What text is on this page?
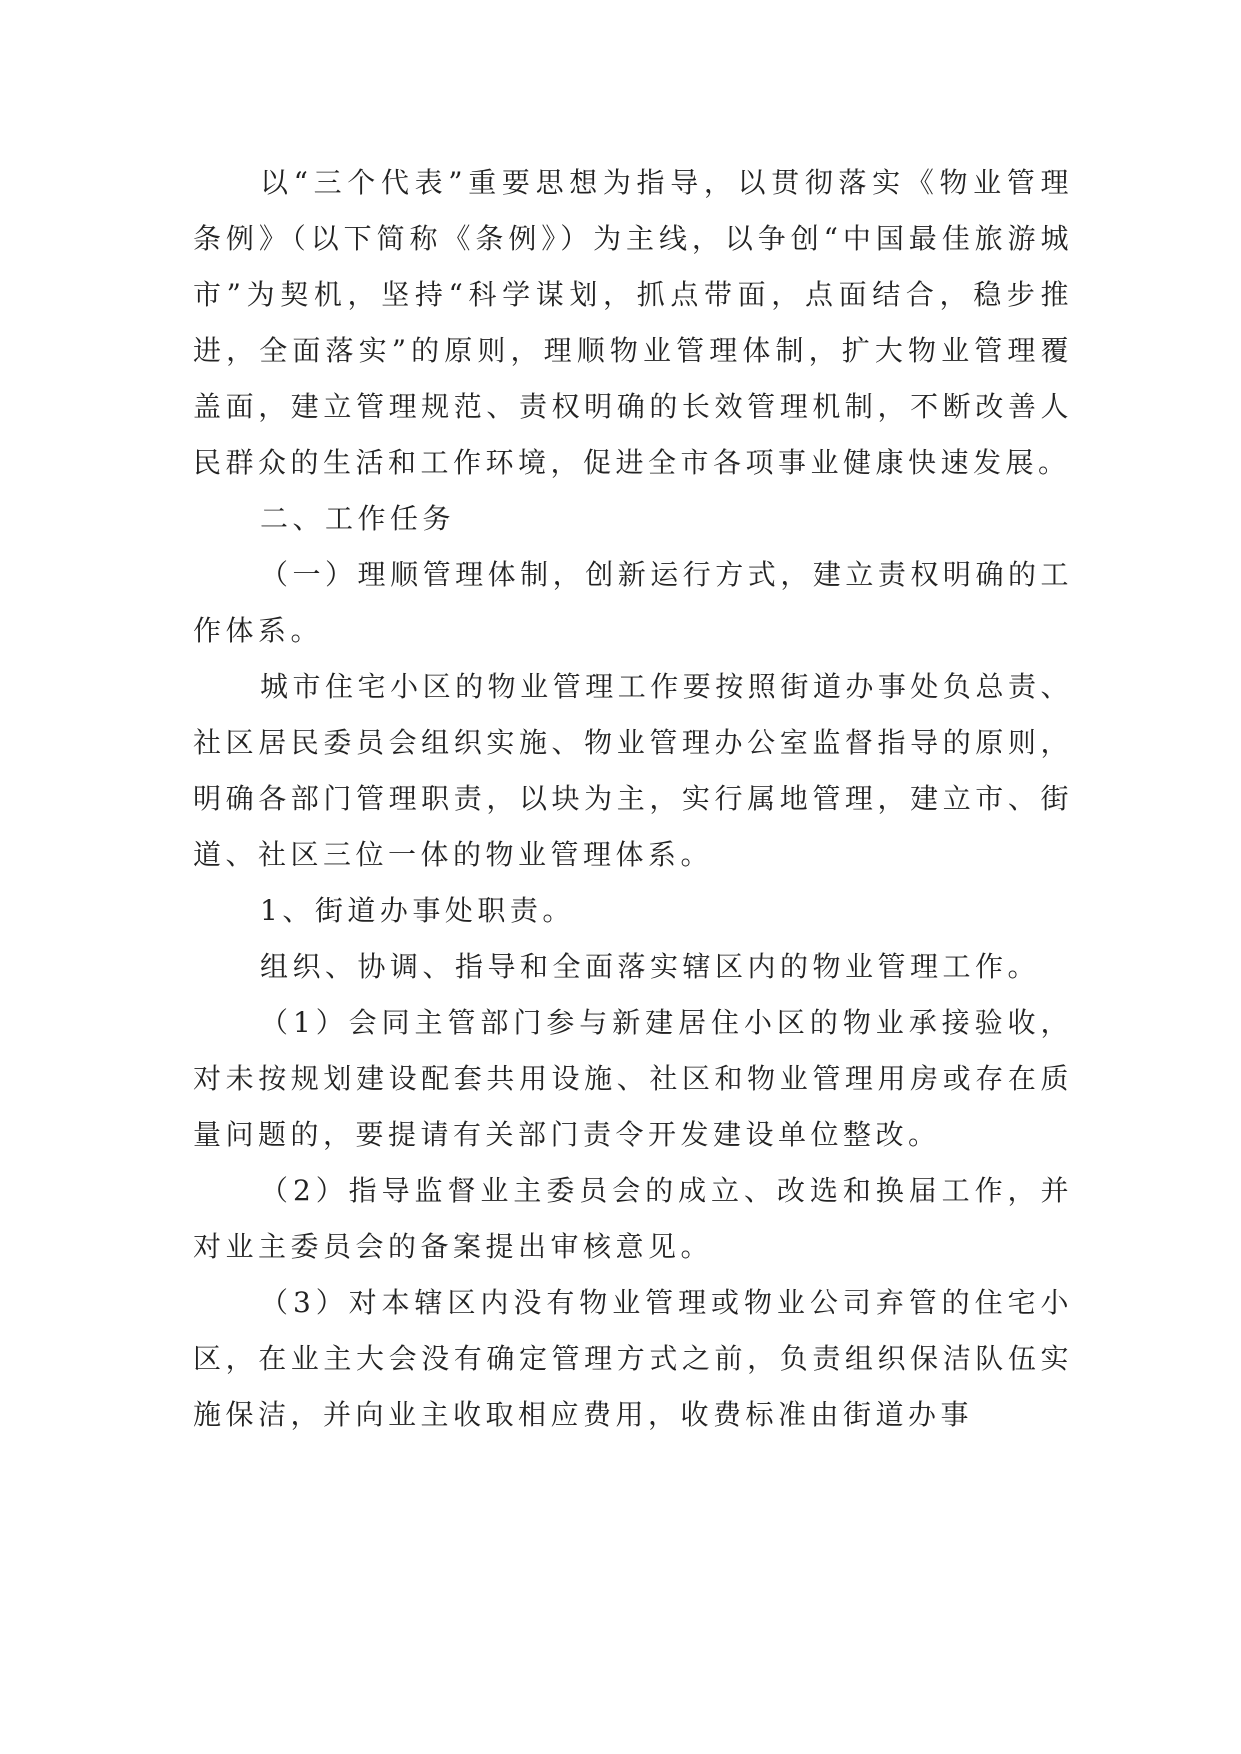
以“三个代表”重要思想为指导，以贯彻落实《物业管理条例》（以下简称《条例》）为主线，以争创“中国最佳旅游城市”为契机，坚持“科学谋划，抓点带面，点面结合，稳步推进，全面落实”的原则，理顺物业管理体制，扩大物业管理覆盖面，建立管理规范、责权明确的长效管理机制，不断改善人民群众的生活和工作环境，促进全市各项事业健康快速发展。

二、工作任务

（一）理顺管理体制，创新运行方式，建立责权明确的工作体系。

城市住宅小区的物业管理工作要按照街道办事处负总责、社区居民委员会组织实施、物业管理办公室监督指导的原则，明确各部门管理职责，以块为主，实行属地管理，建立市、街道、社区三位一体的物业管理体系。

1、街道办事处职责。

组织、协调、指导和全面落实辖区内的物业管理工作。

（1）会同主管部门参与新建居住小区的物业承接验收，对未按规划建设配套共用设施、社区和物业管理用房或存在质量问题的，要提请有关部门责令开发建设单位整改。

（2）指导监督业主委员会的成立、改选和换届工作，并对业主委员会的备案提出审核意见。

（3）对本辖区内没有物业管理或物业公司弃管的住宅小区，在业主大会没有确定管理方式之前，负责组织保洁队伍实施保洁，并向业主收取相应费用，收费标准由街道办事
